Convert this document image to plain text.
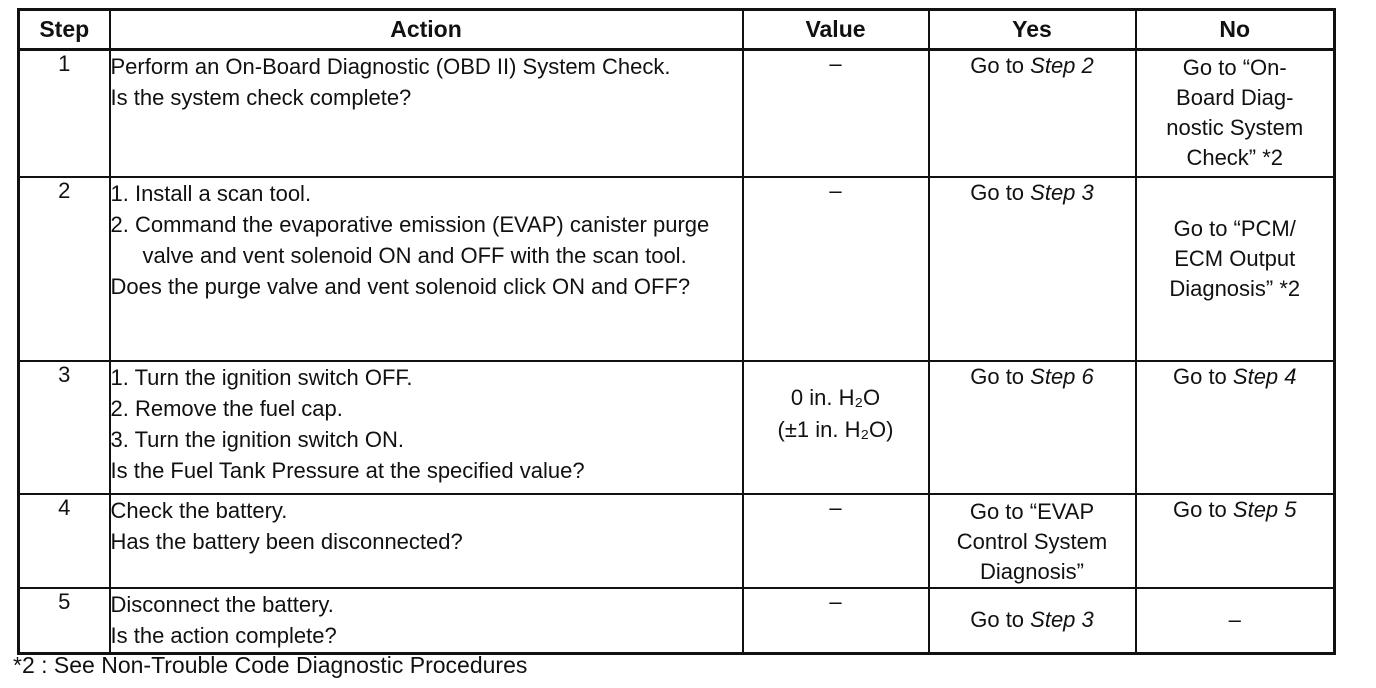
Step	Action	Value	Yes	No
1	Perform an On-Board Diagnostic (OBD II) System Check.
Is the system check complete?	–	Go to Step 2	Go to “On-
Board Diag-
nostic System
Check” *2

2	1. Install a scan tool.
2. Command the evaporative emission (EVAP) canister purge valve and vent solenoid ON and OFF with the scan tool.
Does the purge valve and vent solenoid click ON and OFF?	–	Go to Step 3	Go to “PCM/
ECM Output
Diagnosis” *2

3	1. Turn the ignition switch OFF.
2. Remove the fuel cap.
3. Turn the ignition switch ON.
Is the Fuel Tank Pressure at the specified value?	0 in. H₂O
(±1 in. H₂O)	Go to Step 6	Go to Step 4
4	Check the battery.
Has the battery been disconnected?	–	Go to “EVAP
Control System
Diagnosis”	Go to Step 5
5	Disconnect the battery.
Is the action complete?	–	Go to Step 3	–
*2 : See Non-Trouble Code Diagnostic Procedures
